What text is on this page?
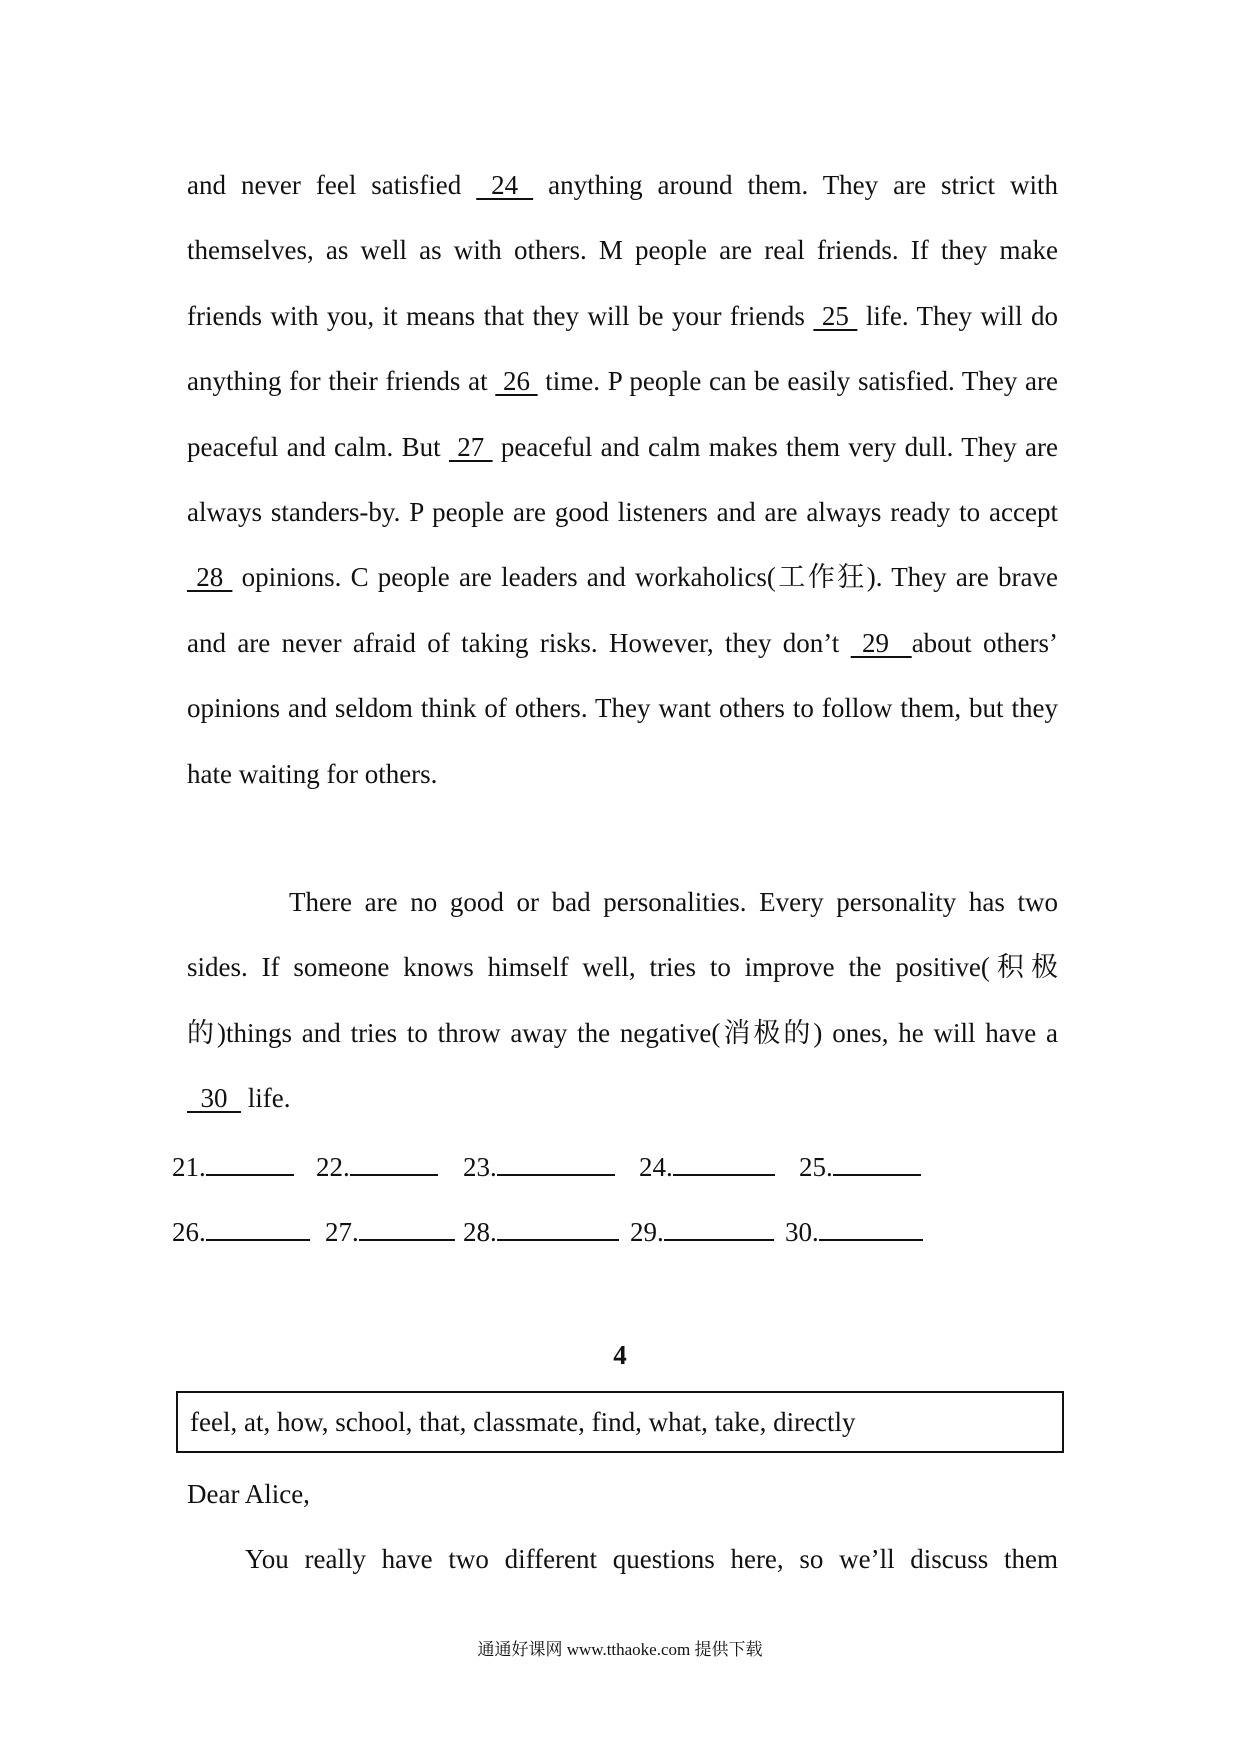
and never feel satisfied  24  anything around them. They are strict with themselves, as well as with others. M people are real friends. If they make friends with you, it means that they will be your friends  25  life. They will do anything for their friends at  26  time. P people can be easily satisfied. They are peaceful and calm. But  27  peaceful and calm makes them very dull. They are always standers-by. P people are good listeners and are always ready to accept  28  opinions. C people are leaders and workaholics(工作狂). They are brave and are never afraid of taking risks. However, they don’t  29  about others’ opinions and seldom think of others. They want others to follow them, but they hate waiting for others.
There are no good or bad personalities. Every personality has two sides. If someone knows himself well, tries to improve the positive(积极的)things and tries to throw away the negative(消极的) ones, he will have a  30   life.
21.	22.	23.	24.	25.
26.	27.	28.	29.	30.
4
feel, at, how, school, that, classmate, find, what, take, directly
Dear Alice,
You really have two different questions here, so we’ll discuss them
通通好课网 www.tthaoke.com 提供下载
